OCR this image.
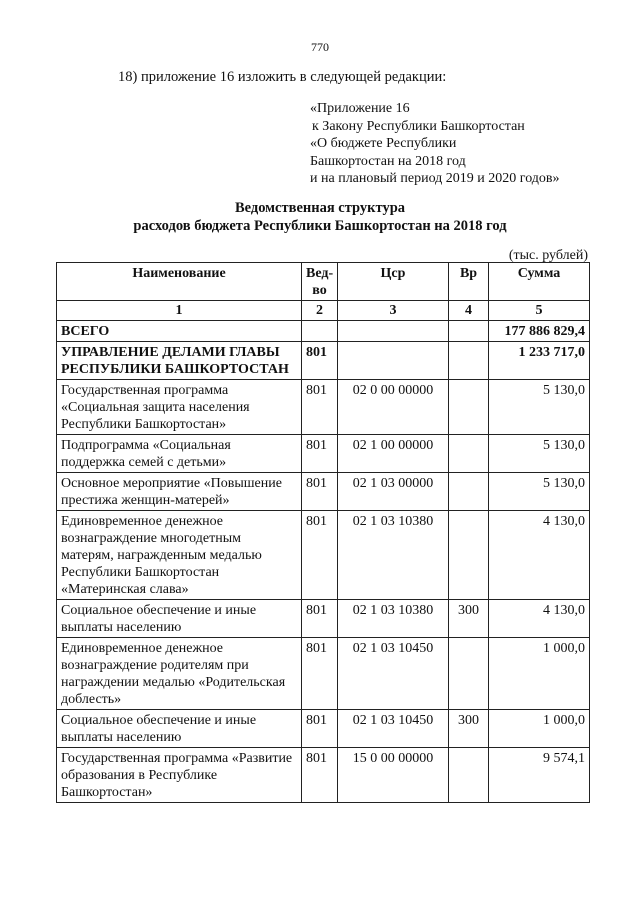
770
18) приложение 16 изложить в следующей редакции:
«Приложение 16
к Закону Республики Башкортостан
«О бюджете Республики
Башкортостан на 2018 год
и на плановый период 2019 и 2020 годов»
Ведомственная структура
расходов бюджета Республики Башкортостан на 2018 год
(тыс. рублей)
Наименование	Вед-во	Цср	Вр	Сумма
1	2	3	4	5
ВСЕГО				177 886 829,4
УПРАВЛЕНИЕ ДЕЛАМИ ГЛАВЫ РЕСПУБЛИКИ БАШКОРТОСТАН	801			1 233 717,0
Государственная программа «Социальная защита населения Республики Башкортостан»	801	02 0 00 00000		5 130,0
Подпрограмма «Социальная поддержка семей с детьми»	801	02 1 00 00000		5 130,0
Основное мероприятие «Повышение престижа женщин-матерей»	801	02 1 03 00000		5 130,0
Единовременное денежное вознаграждение многодетным матерям, награжденным медалью Республики Башкортостан «Материнская слава»	801	02 1 03 10380		4 130,0
Социальное обеспечение и иные выплаты населению	801	02 1 03 10380	300	4 130,0
Единовременное денежное вознаграждение родителям при награждении медалью «Родительская доблесть»	801	02 1 03 10450		1 000,0
Социальное обеспечение и иные выплаты населению	801	02 1 03 10450	300	1 000,0
Государственная программа «Развитие образования в Республике Башкортостан»	801	15 0 00 00000		9 574,1
